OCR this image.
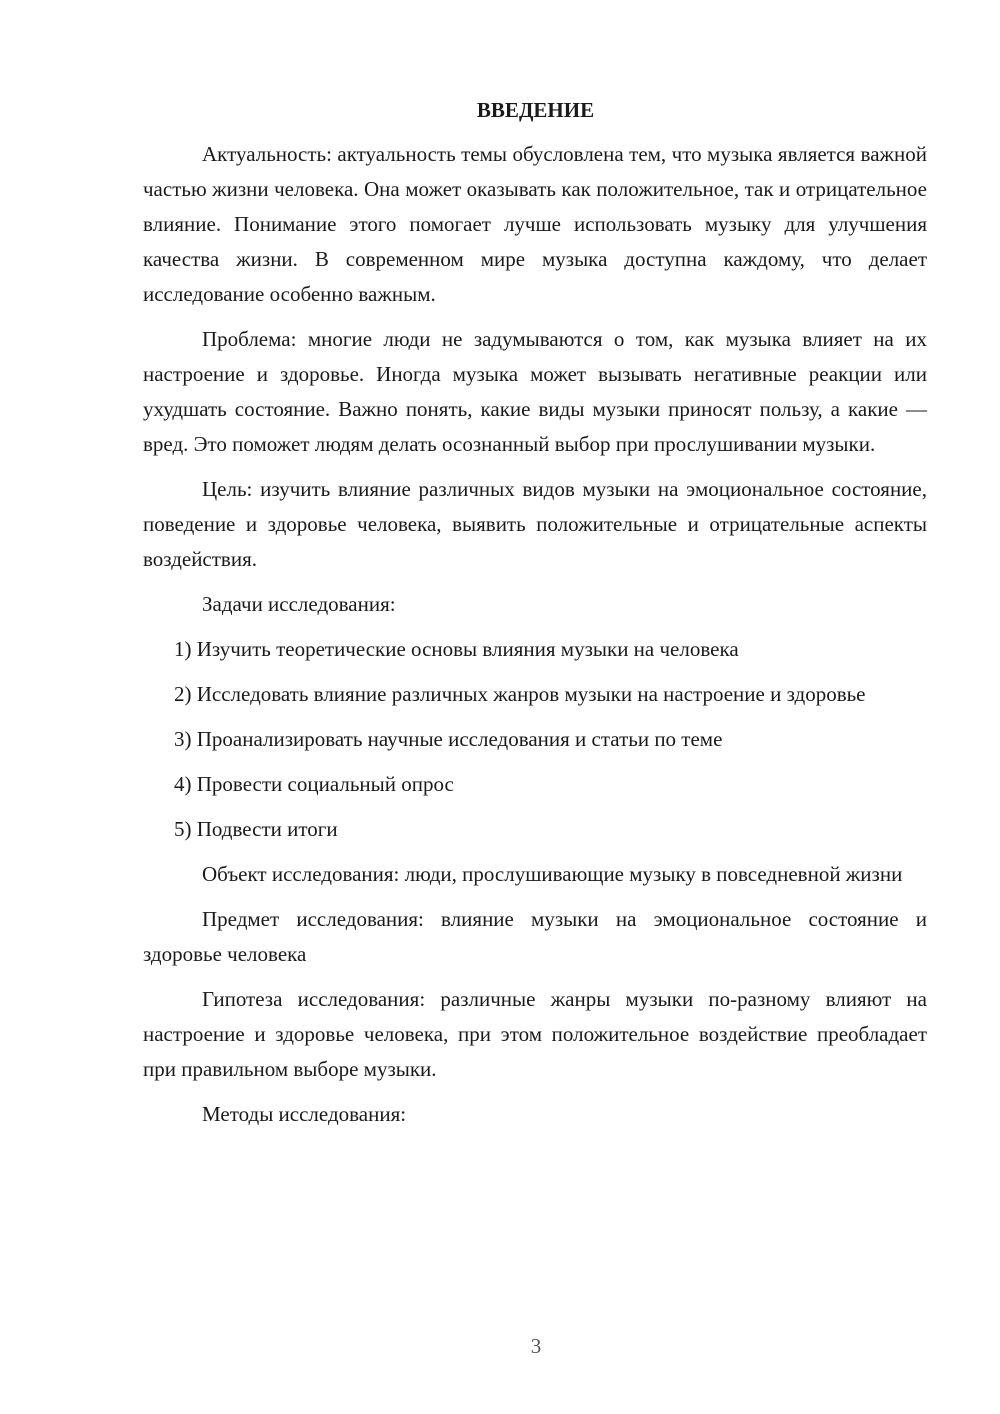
ВВЕДЕНИЕ

Актуальность: актуальность темы обусловлена тем, что музыка является важной частью жизни человека. Она может оказывать как положительное, так и отрицательное влияние. Понимание этого помогает лучше использовать музыку для улучшения качества жизни. В современном мире музыка доступна каждому, что делает исследование особенно важным.

Проблема: многие люди не задумываются о том, как музыка влияет на их настроение и здоровье. Иногда музыка может вызывать негативные реакции или ухудшать состояние. Важно понять, какие виды музыки приносят пользу, а какие — вред. Это поможет людям делать осознанный выбор при прослушивании музыки.

Цель: изучить влияние различных видов музыки на эмоциональное состояние, поведение и здоровье человека, выявить положительные и отрицательные аспекты воздействия.

Задачи исследования:

1) Изучить теоретические основы влияния музыки на человека

2) Исследовать влияние различных жанров музыки на настроение и здоровье

3) Проанализировать научные исследования и статьи по теме

4) Провести социальный опрос

5) Подвести итоги

Объект исследования: люди, прослушивающие музыку в повседневной жизни

Предмет исследования: влияние музыки на эмоциональное состояние и здоровье человека

Гипотеза исследования: различные жанры музыки по-разному влияют на настроение и здоровье человека, при этом положительное воздействие преобладает при правильном выборе музыки.

Методы исследования:

3
